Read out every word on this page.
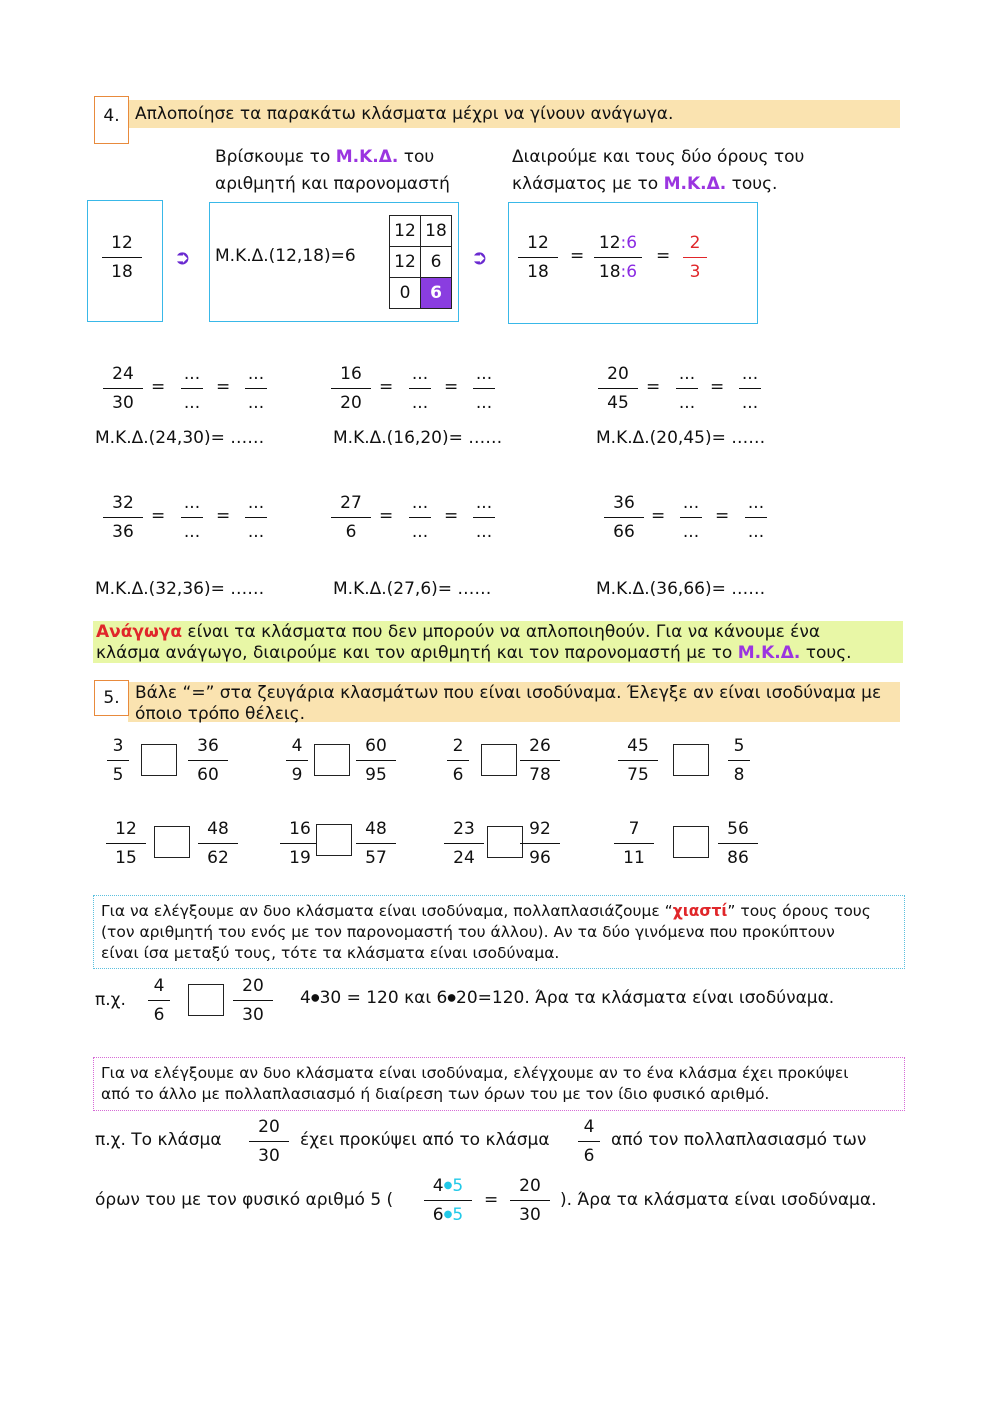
4. Απλοποίησε τα παρακάτω κλάσματα μέχρι να γίνουν ανάγωγα.
Βρίσκουμε το Μ.Κ.Δ. του
αριθμητή και παρονομαστή
Διαιρούμε και τους δύο όρους του
κλάσματος με το Μ.Κ.Δ. τους.
12
18
➲ Μ.Κ.Δ.(12,18)=6
12	18
12	6
0	6
➲
12
18
=
12:6
18:6
=
2
3
24
30
=
...
...
=
...
...
Μ.Κ.Δ.(24,30)= ……
16
20
=
...
...
=
...
...
Μ.Κ.Δ.(16,20)= ……
20
45
=
...
...
=
...
...
Μ.Κ.Δ.(20,45)= ……
32
36
=
...
...
=
...
...
Μ.Κ.Δ.(32,36)= ……
27
6
=
...
...
=
...
...
Μ.Κ.Δ.(27,6)= ……
36
66
=
...
...
=
...
...
Μ.Κ.Δ.(36,66)= ……
Ανάγωγα είναι τα κλάσματα που δεν μπορούν να απλοποιηθούν. Για να κάνουμε ένα
κλάσμα ανάγωγο, διαιρούμε και τον αριθμητή και τον παρονομαστή με το Μ.Κ.Δ. τους.
5. Βάλε “=” στα ζευγάρια κλασμάτων που είναι ισοδύναμα. Έλεγξε αν είναι ισοδύναμα με
όποιο τρόπο θέλεις.
3
5
36
60
4
9
60
95
2
6
26
78
45
75
5
8
12
15
48
62
16
19
48
57
23
24
92
96
7
11
56
86
Για να ελέγξουμε αν δυο κλάσματα είναι ισοδύναμα, πολλαπλασιάζουμε “χιαστί” τους όρους τους
(τον αριθμητή του ενός με τον παρονομαστή του άλλου). Αν τα δύο γινόμενα που προκύπτουν
είναι ίσα μεταξύ τους, τότε τα κλάσματα είναι ισοδύναμα.
π.χ.
4
6
20
30
4●30 = 120 και 6●20=120. Άρα τα κλάσματα είναι ισοδύναμα.
Για να ελέγξουμε αν δυο κλάσματα είναι ισοδύναμα, ελέγχουμε αν το ένα κλάσμα έχει προκύψει
από το άλλο με πολλαπλασιασμό ή διαίρεση των όρων του με τον ίδιο φυσικό αριθμό.
π.χ. Το κλάσμα
20
30
έχει προκύψει από το κλάσμα
4
6
από τον πολλαπλασιασμό των
όρων του με τον φυσικό αριθμό 5 (
4●5
6●5
=
20
30
). Άρα τα κλάσματα είναι ισοδύναμα.
